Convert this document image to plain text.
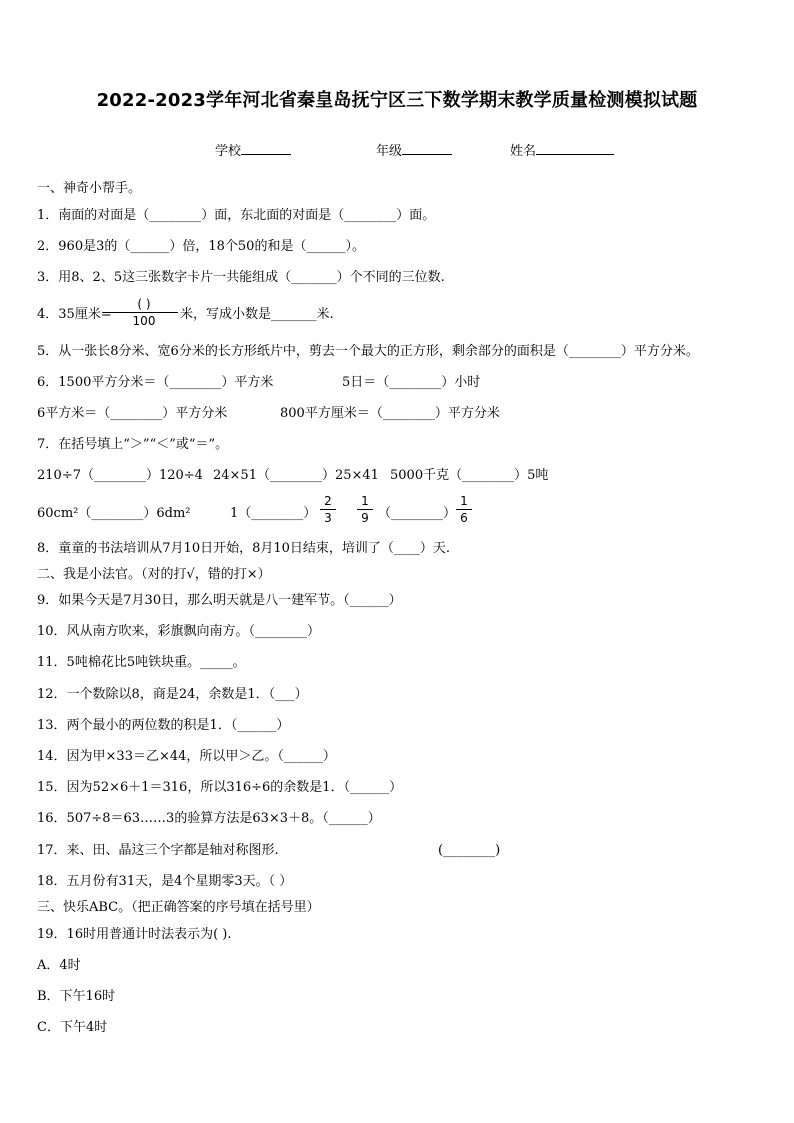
2022-2023学年河北省秦皇岛抚宁区三下数学期末教学质量检测模拟试题
学校	年级	姓名
一、神奇小帮手。
1．南面的对面是（________）面，东北面的对面是（________）面。
2．960是3的（______）倍，18个50的和是（______）。
3．用8、2、5这三张数字卡片一共能组成（_______）个不同的三位数.
4．35厘米=
( )
100	米，写成小数是_______米.
5．从一张长8分米、宽6分米的长方形纸片中，剪去一个最大的正方形，剩余部分的面积是（________）平方分米。
6．1500平方分米＝（________）平方米	5日＝（________）小时
6平方米＝（________）平方分米	800平方厘米＝（________）平方分米
7．在括号填上“＞”“＜”或“＝”。
210÷7（________）120÷4 24×51（________）25×41 5000千克（________）5吨
60cm²（________）6dm²	1（________）
2
3
1
9 （________）
1
6
8．童童的书法培训从7月10日开始，8月10日结束，培训了（____）天.
二、我是小法官。（对的打√，错的打×）
9．如果今天是7月30日，那么明天就是八一建军节。（______）
10．风从南方吹来，彩旗飘向南方。（________）
11．5吨棉花比5吨铁块重。_____。
12．一个数除以8，商是24，余数是1．（___）
13．两个最小的两位数的积是1．（______）
14．因为甲×33＝乙×44，所以甲＞乙。（______）
15．因为52×6＋1＝316，所以316÷6的余数是1．（______）
16．507÷8＝63……3的验算方法是63×3＋8。（______）
17．来、田、晶这三个字都是轴对称图形.	(________)
18．五月份有31天，是4个星期零3天。（ ）
三、快乐ABC。（把正确答案的序号填在括号里）
19．16时用普通计时法表示为( ).
A．4时
B．下午16时
C．下午4时
